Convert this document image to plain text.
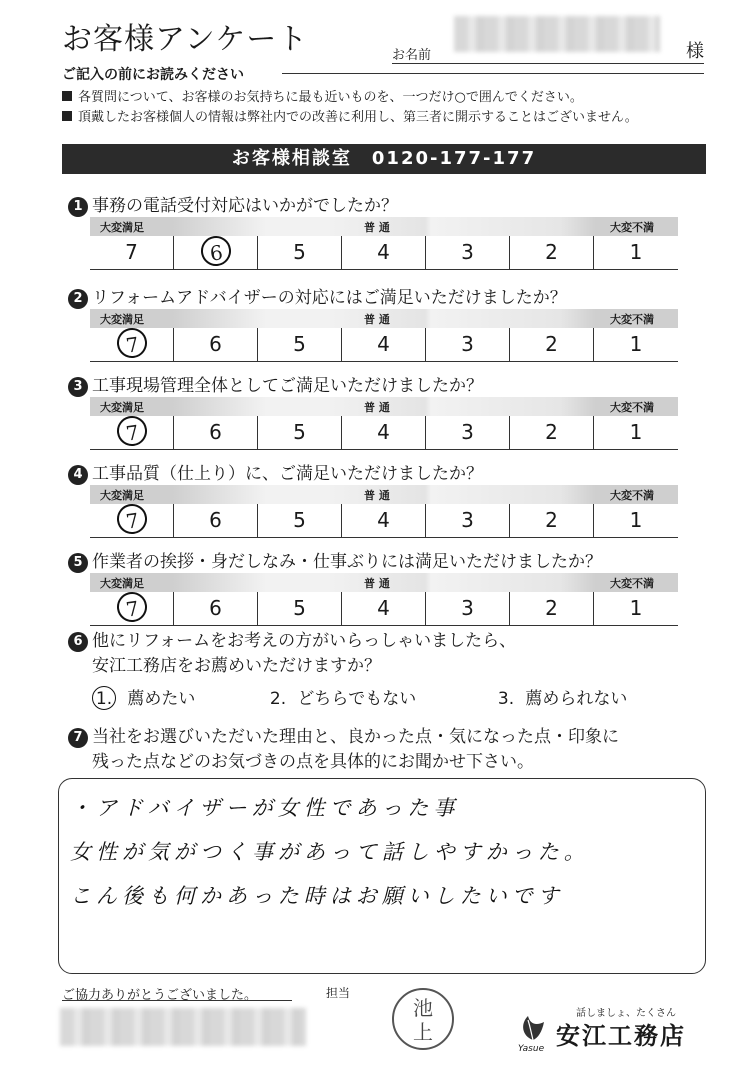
お客様アンケート	お名前	様
ご記入の前にお読みください
各質問について、お客様のお気持ちに最も近いものを、一つだけ○で囲んでください。
頂戴したお客様個人の情報は弊社内での改善に利用し、第三者に開示することはございません。
お客様相談室　0120-177-177
1 事務の電話受付対応はいかがでしたか？
大変満足	普 通	大変不満
7	6	5	4	3	2	1
2 リフォームアドバイザーの対応にはご満足いただけましたか？
大変満足	普 通	大変不満
7	6	5	4	3	2	1
3 工事現場管理全体としてご満足いただけましたか？
大変満足	普 通	大変不満
7	6	5	4	3	2	1
4 工事品質（仕上り）に、ご満足いただけましたか？
大変満足	普 通	大変不満
7	6	5	4	3	2	1
5 作業者の挨拶・身だしなみ・仕事ぶりには満足いただけましたか？
大変満足	普 通	大変不満
7	6	5	4	3	2	1
6 他にリフォームをお考えの方がいらっしゃいましたら、
安江工務店をお薦めいただけますか？
1. 薦めたい	2. どちらでもない	3. 薦められない
7 当社をお選びいただいた理由と、良かった点・気になった点・印象に
残った点などのお気づきの点を具体的にお聞かせ下さい。
・アドバイザーが女性であった事
女性が気がつく事があって話しやすかった。
こん後も何かあった時はお願いしたいです
ご協力ありがとうございました。	担当
池上
話しましょ、たくさん
Yasue 安江工務店
